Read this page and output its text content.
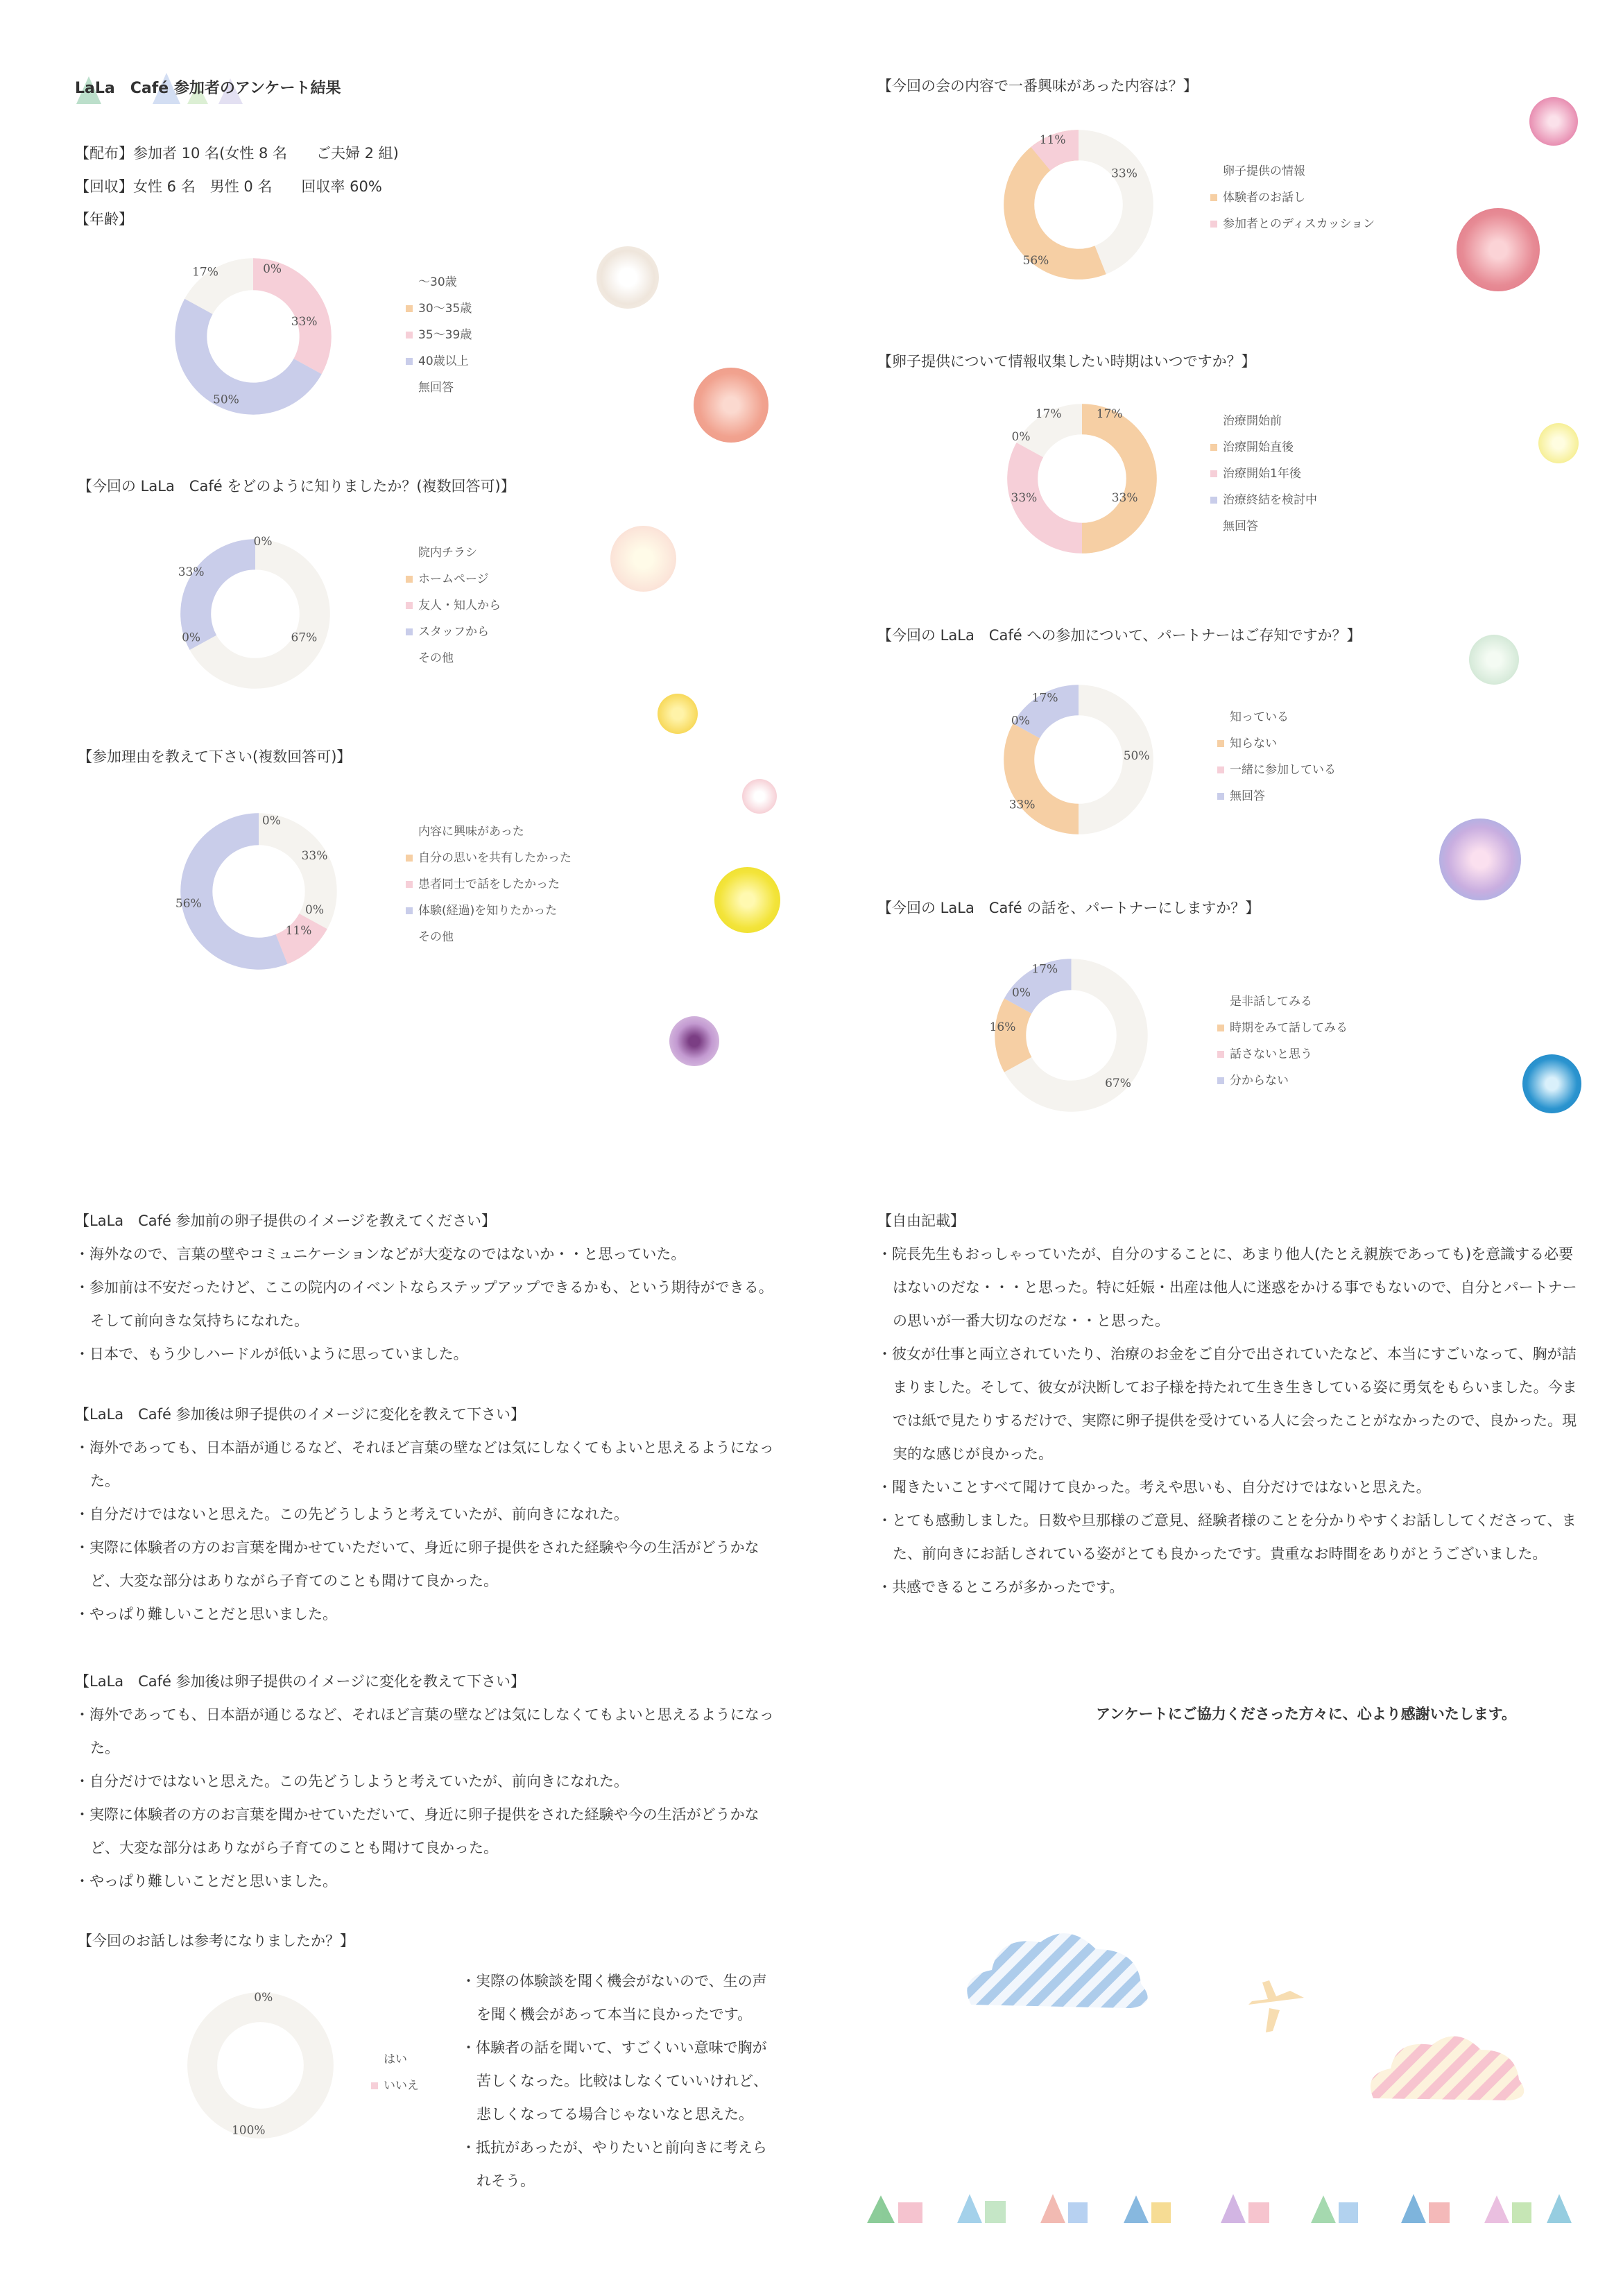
LaLa　Café 参加者のアンケート結果
【配布】参加者 10 名(女性 8 名　　ご夫婦 2 組)
【回収】女性 6 名　男性 0 名　　回収率 60%
【年齢】
0%
33%
50%
17%
～30歳
30～35歳
35～39歳
40歳以上
無回答
【今回の LaLa　Café をどのように知りましたか？(複数回答可)】
0%
33%
0%	67%
院内チラシ
ホームページ
友人・知人から
スタッフから
その他
【参加理由を教えて下さい(複数回答可)】
0%
33%
0%
11%
56%
内容に興味があった
自分の思いを共有したかった
患者同士で話をしたかった
体験(経過)を知りたかった
その他
【今回の会の内容で一番興味があった内容は？】
11%
33%
56%
卵子提供の情報
体験者のお話し
参加者とのディスカッション
【卵子提供について情報収集したい時期はいつですか？】
17%	17%
0%
33%	33%
治療開始前
治療開始直後
治療開始1年後
治療終結を検討中
無回答
【今回の LaLa　Café への参加について、パートナーはご存知ですか？】
17%
0%
50%
33%
知っている
知らない
一緒に参加している
無回答
【今回の LaLa　Café の話を、パートナーにしますか？】
17%
0%
16%
67%
是非話してみる
時期をみて話してみる
話さないと思う
分からない
【LaLa　Café 参加前の卵子提供のイメージを教えてください】
・海外なので、言葉の壁やコミュニケーションなどが大変なのではないか・・と思っていた。
・参加前は不安だったけど、ここの院内のイベントならステップアップできるかも、という期待ができる。そして前向きな気持ちになれた。
・日本で、もう少しハードルが低いように思っていました。
【LaLa　Café 参加後は卵子提供のイメージに変化を教えて下さい】
・海外であっても、日本語が通じるなど、それほど言葉の壁などは気にしなくてもよいと思えるようになった。
・自分だけではないと思えた。この先どうしようと考えていたが、前向きになれた。
・実際に体験者の方のお言葉を聞かせていただいて、身近に卵子提供をされた経験や今の生活がどうかなど、大変な部分はありながら子育てのことも聞けて良かった。
・やっぱり難しいことだと思いました。
【LaLa　Café 参加後は卵子提供のイメージに変化を教えて下さい】
・海外であっても、日本語が通じるなど、それほど言葉の壁などは気にしなくてもよいと思えるようになった。
・自分だけではないと思えた。この先どうしようと考えていたが、前向きになれた。
・実際に体験者の方のお言葉を聞かせていただいて、身近に卵子提供をされた経験や今の生活がどうかなど、大変な部分はありながら子育てのことも聞けて良かった。
・やっぱり難しいことだと思いました。
【今回のお話しは参考になりましたか？】
0%
100%
はい
いいえ
・実際の体験談を聞く機会がないので、生の声を聞く機会があって本当に良かったです。
・体験者の話を聞いて、すごくいい意味で胸が苦しくなった。比較はしなくていいけれど、悲しくなってる場合じゃないなと思えた。
・抵抗があったが、やりたいと前向きに考えられそう。
【自由記載】
・院長先生もおっしゃっていたが、自分のすることに、あまり他人(たとえ親族であっても)を意識する必要はないのだな・・・と思った。特に妊娠・出産は他人に迷惑をかける事でもないので、自分とパートナーの思いが一番大切なのだな・・と思った。
・彼女が仕事と両立されていたり、治療のお金をご自分で出されていたなど、本当にすごいなって、胸が詰まりました。そして、彼女が決断してお子様を持たれて生き生きしている姿に勇気をもらいました。今までは紙で見たりするだけで、実際に卵子提供を受けている人に会ったことがなかったので、良かった。現実的な感じが良かった。
・聞きたいことすべて聞けて良かった。考えや思いも、自分だけではないと思えた。
・とても感動しました。日数や旦那様のご意見、経験者様のことを分かりやすくお話ししてくださって、また、前向きにお話しされている姿がとても良かったです。貴重なお時間をありがとうございました。
・共感できるところが多かったです。
アンケートにご協力くださった方々に、心より感謝いたします。
